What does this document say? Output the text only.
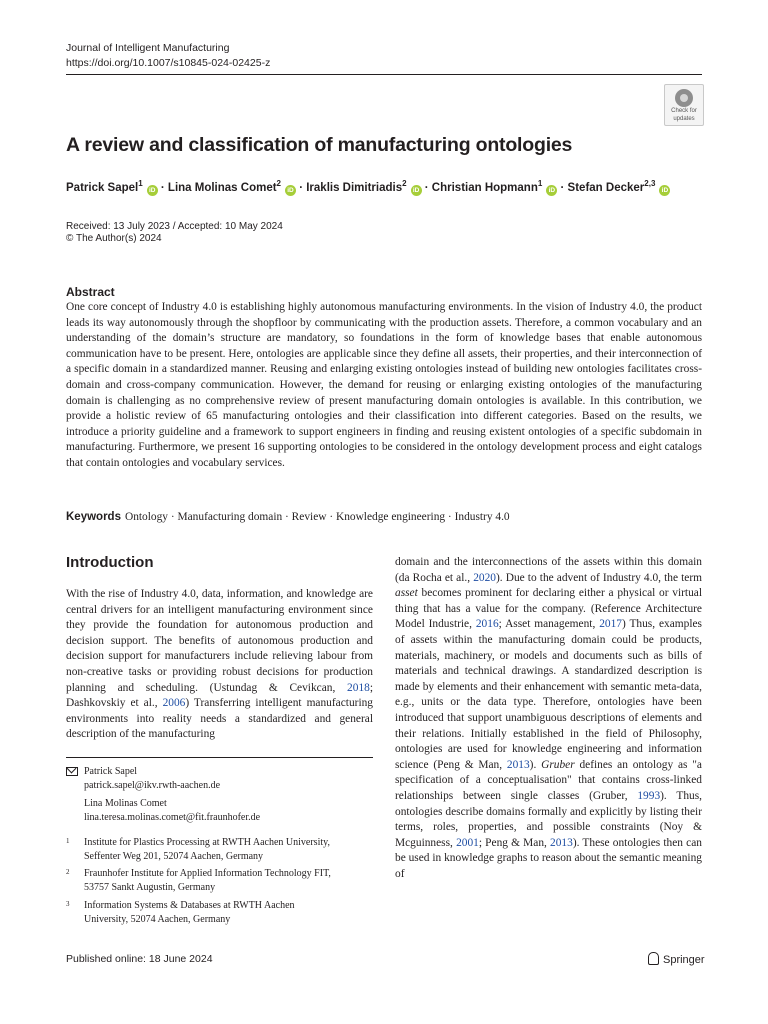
Journal of Intelligent Manufacturing
https://doi.org/10.1007/s10845-024-02425-z
Check for
updates
A review and classification of manufacturing ontologies
Patrick Sapel$^1$iD · Lina Molinas Comet$^2$iD · Iraklis Dimitriadis$^2$iD · Christian Hopmann$^1$iD · Stefan Decker$^{2,3}$iD
Received: 13 July 2023 / Accepted: 10 May 2024
© The Author(s) 2024
Abstract
One core concept of Industry 4.0 is establishing highly autonomous manufacturing environments. In the vision of Industry 4.0, the product leads its way autonomously through the shopfloor by communicating with the production assets. Therefore, a common vocabulary and an understanding of the domain’s structure are mandatory, so foundations in the form of knowledge bases that enable autonomous communication have to be present. Here, ontologies are applicable since they define all assets, their properties, and their interconnection of a specific domain in a standardized manner. Reusing and enlarging existing ontologies instead of building new ontologies facilitates cross-domain and cross-company communication. However, the demand for reusing or enlarging existing ontologies of the manufacturing domain is challenging as no comprehensive review of present manufacturing domain ontologies is available. In this contribution, we provide a holistic review of 65 manufacturing ontologies and their classification into different categories. Based on the results, we introduce a priority guideline and a framework to support engineers in finding and reusing existent ontologies of a specific subdomain in manufacturing. Furthermore, we present 16 supporting ontologies to be considered in the ontology development process and eight catalogs that contain ontologies and vocabulary services.
Keywords Ontology · Manufacturing domain · Review · Knowledge engineering · Industry 4.0
Introduction
With the rise of Industry 4.0, data, information, and knowledge are central drivers for an intelligent manufacturing environment since they provide the foundation for autonomous production and decision support. The benefits of autonomous production and decision support for manufacturers include relieving labour from non-creative tasks or providing robust decisions for production planning and scheduling. (Ustundag & Cevikcan, 2018; Dashkovskiy et al., 2006) Transferring intelligent manufacturing environments into reality needs a standardized and general description of the manufacturing
domain and the interconnections of the assets within this domain (da Rocha et al., 2020). Due to the advent of Industry 4.0, the term asset becomes prominent for declaring either a physical or virtual thing that has a value for the company. (Reference Architecture Model Industrie, 2016; Asset management, 2017) Thus, examples of assets within the manufacturing domain could be products, materials, machinery, or models and documents such as bills of materials and technical drawings. A standardized description is made by elements and their enhancement with semantic meta-data, e.g., units or the data type. Therefore, ontologies have been introduced that support unambiguous descriptions of elements and their relations. Initially established in the field of Philosophy, ontologies are used for knowledge engineering and information science (Peng & Man, 2013). Gruber defines an ontology as "a specification of a conceptualisation" that contains cross-linked relationships between single classes (Gruber, 1993). Thus, ontologies describe domains formally and explicitly by listing their terms, roles, properties, and possible constraints (Noy & Mcguinness, 2001; Peng & Man, 2013). These ontologies then can be used in knowledge graphs to reason about the semantic meaning of
Patrick Sapel
patrick.sapel@ikv.rwth-aachen.de
Lina Molinas Comet
lina.teresa.molinas.comet@fit.fraunhofer.de
1 Institute for Plastics Processing at RWTH Aachen University,
Seffenter Weg 201, 52074 Aachen, Germany
2 Fraunhofer Institute for Applied Information Technology FIT,
53757 Sankt Augustin, Germany
3 Information Systems & Databases at RWTH Aachen
University, 52074 Aachen, Germany
Published online: 18 June 2024	Springer
